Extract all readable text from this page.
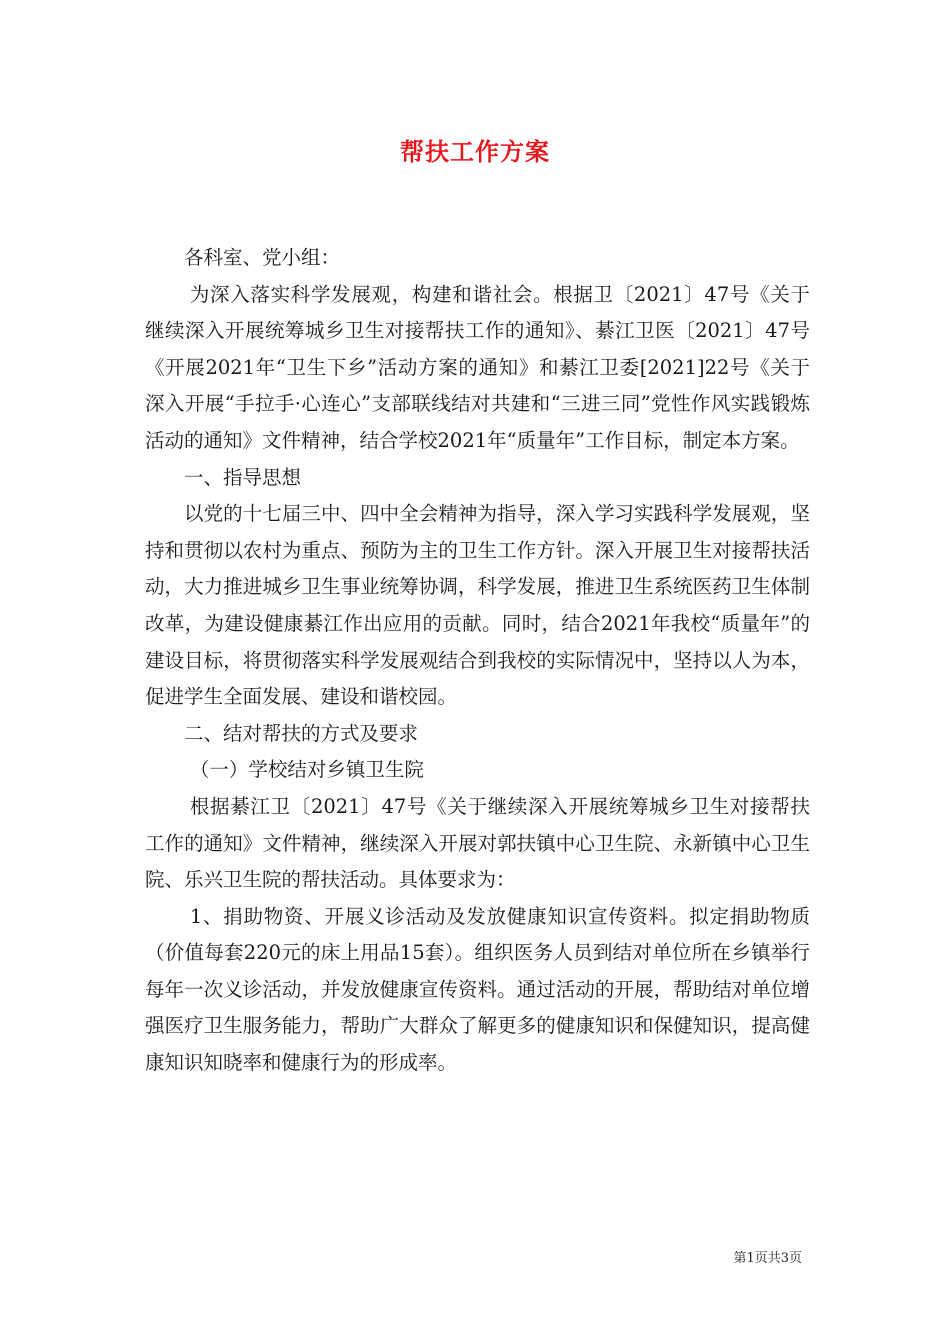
帮扶工作方案

各科室、党小组：

为深入落实科学发展观，构建和谐社会。根据卫〔2021〕47号《关于继续深入开展统筹城乡卫生对接帮扶工作的通知》、綦江卫医〔2021〕47号《开展2021年“卫生下乡”活动方案的通知》和綦江卫委[2021]22号《关于深入开展“手拉手·心连心”支部联线结对共建和“三进三同”党性作风实践锻炼活动的通知》文件精神，结合学校2021年“质量年”工作目标，制定本方案。

一、指导思想

以党的十七届三中、四中全会精神为指导，深入学习实践科学发展观，坚持和贯彻以农村为重点、预防为主的卫生工作方针。深入开展卫生对接帮扶活动，大力推进城乡卫生事业统筹协调，科学发展，推进卫生系统医药卫生体制改革，为建设健康綦江作出应用的贡献。同时，结合2021年我校“质量年”的建设目标，将贯彻落实科学发展观结合到我校的实际情况中，坚持以人为本，促进学生全面发展、建设和谐校园。

二、结对帮扶的方式及要求

（一）学校结对乡镇卫生院

根据綦江卫〔2021〕47号《关于继续深入开展统筹城乡卫生对接帮扶工作的通知》文件精神，继续深入开展对郭扶镇中心卫生院、永新镇中心卫生院、乐兴卫生院的帮扶活动。具体要求为：

1、捐助物资、开展义诊活动及发放健康知识宣传资料。拟定捐助物质（价值每套220元的床上用品15套）。组织医务人员到结对单位所在乡镇举行每年一次义诊活动，并发放健康宣传资料。通过活动的开展，帮助结对单位增强医疗卫生服务能力，帮助广大群众了解更多的健康知识和保健知识，提高健康知识知晓率和健康行为的形成率。

第1页共3页
